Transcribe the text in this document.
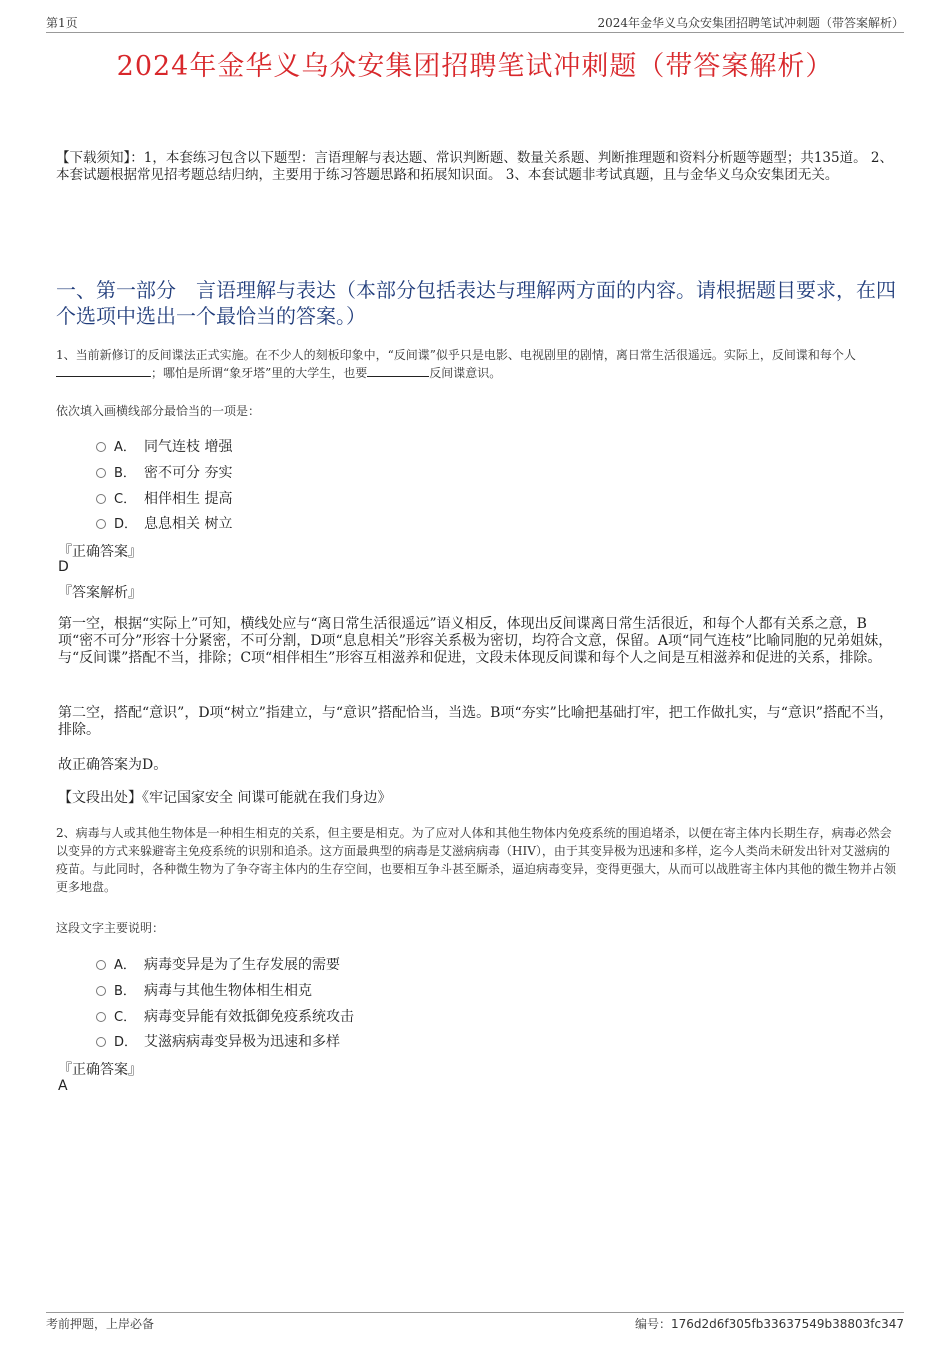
第1页	2024年金华义乌众安集团招聘笔试冲刺题（带答案解析）
2024年金华义乌众安集团招聘笔试冲刺题（带答案解析）
【下载须知】：1，本套练习包含以下题型：言语理解与表达题、常识判断题、数量关系题、判断推理题和资料分析题等题型；共135道。 2、本套试题根据常见招考题总结归纳，主要用于练习答题思路和拓展知识面。 3、本套试题非考试真题，且与金华义乌众安集团无关。
一、第一部分　言语理解与表达（本部分包括表达与理解两方面的内容。请根据题目要求，在四个选项中选出一个最恰当的答案。）
1、当前新修订的反间谍法正式实施。在不少人的刻板印象中，“反间谍”似乎只是电影、电视剧里的剧情，离日常生活很遥远。实际上，反间谍和每个人；哪怕是所谓“象牙塔”里的大学生，也要	反间谍意识。
依次填入画横线部分最恰当的一项是：
A． 同气连枝 增强
B． 密不可分 夯实
C． 相伴相生 提高
D． 息息相关 树立
『正确答案』
D
『答案解析』
第一空，根据“实际上”可知，横线处应与“离日常生活很遥远”语义相反，体现出反间谍离日常生活很近，和每个人都有关系之意，B项“密不可分”形容十分紧密，不可分割，D项“息息相关”形容关系极为密切，均符合文意，保留。A项“同气连枝”比喻同胞的兄弟姐妹，与“反间谍”搭配不当，排除；C项“相伴相生”形容互相滋养和促进，文段未体现反间谍和每个人之间是互相滋养和促进的关系，排除。
第二空，搭配“意识”，D项“树立”指建立，与“意识”搭配恰当，当选。B项“夯实”比喻把基础打牢，把工作做扎实，与“意识”搭配不当，排除。
故正确答案为D。
【文段出处】《牢记国家安全 间谍可能就在我们身边》
2、病毒与人或其他生物体是一种相生相克的关系，但主要是相克。为了应对人体和其他生物体内免疫系统的围追堵杀，以便在寄主体内长期生存，病毒必然会以变异的方式来躲避寄主免疫系统的识别和追杀。这方面最典型的病毒是艾滋病病毒（HIV），由于其变异极为迅速和多样，迄今人类尚未研发出针对艾滋病的疫苗。与此同时，各种微生物为了争夺寄主体内的生存空间，也要相互争斗甚至厮杀，逼迫病毒变异，变得更强大，从而可以战胜寄主体内其他的微生物并占领更多地盘。
这段文字主要说明：
A． 病毒变异是为了生存发展的需要
B． 病毒与其他生物体相生相克
C． 病毒变异能有效抵御免疫系统攻击
D． 艾滋病病毒变异极为迅速和多样
『正确答案』
A
考前押题，上岸必备	编号：176d2d6f305fb33637549b38803fc347
